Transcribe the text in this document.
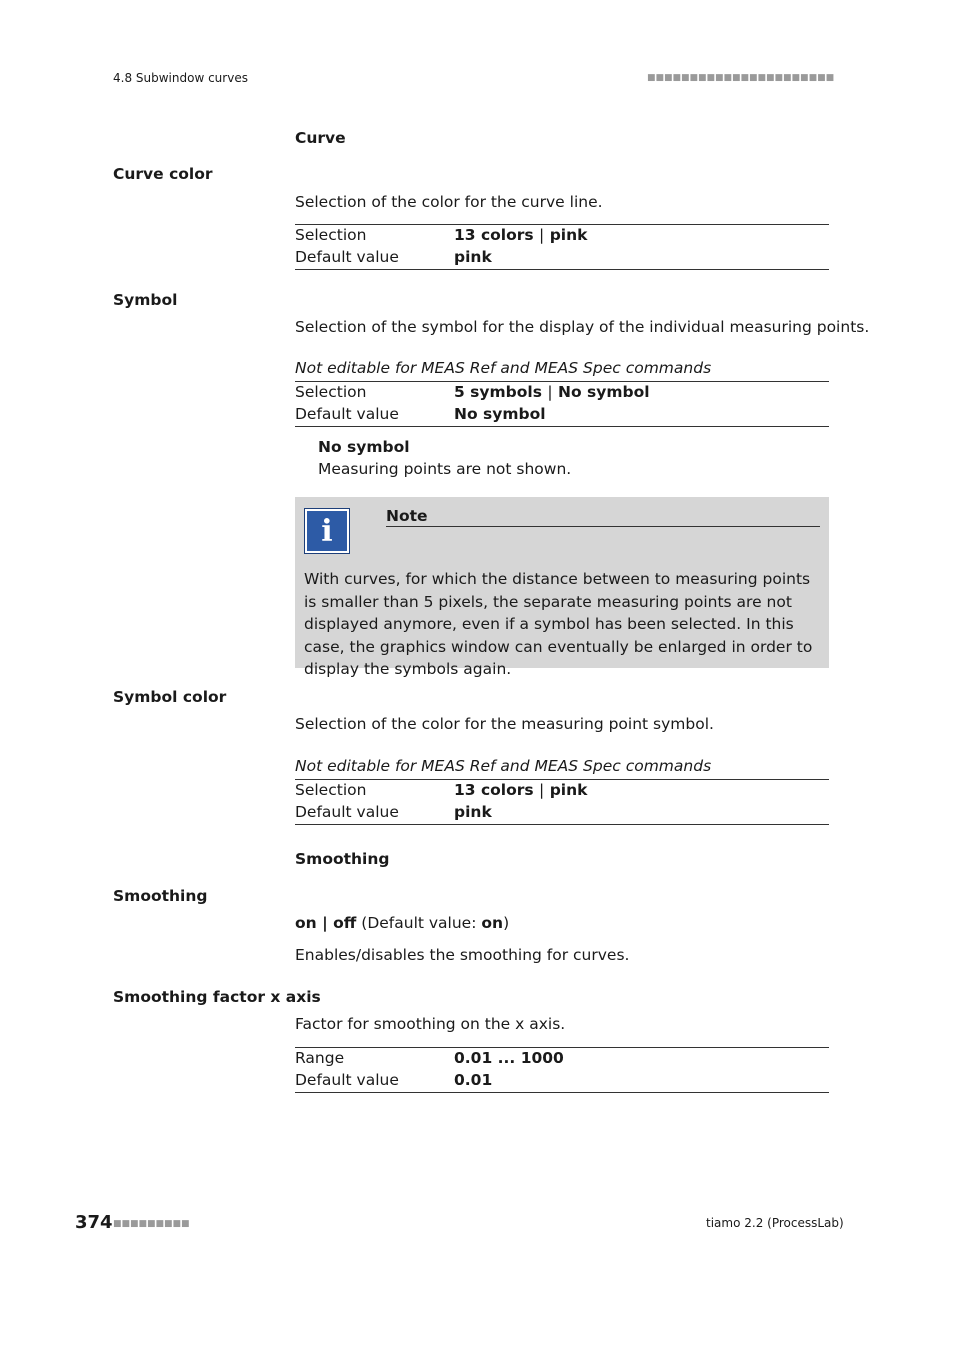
4.8 Subwindow curves	■■■■■■■■■■■■■■■■■■■■■■
Curve
Curve color
Selection of the color for the curve line.
Selection	13 colors | pink
Default value	pink
Symbol
Selection of the symbol for the display of the individual measuring points.
Not editable for MEAS Ref and MEAS Spec commands
Selection	5 symbols | No symbol
Default value	No symbol
No symbol
Measuring points are not shown.
i	Note
With curves, for which the distance between to measuring points is smaller than 5 pixels, the separate measuring points are not displayed anymore, even if a symbol has been selected. In this case, the graphics window can eventually be enlarged in order to display the symbols again.
Symbol color
Selection of the color for the measuring point symbol.
Not editable for MEAS Ref and MEAS Spec commands
Selection	13 colors | pink
Default value	pink
Smoothing
Smoothing
on | off (Default value: on)
Enables/disables the smoothing for curves.
Smoothing factor x axis
Factor for smoothing on the x axis.
Range	0.01 ... 1000
Default value	0.01
374 ■■■■■■■■■	tiamo 2.2 (ProcessLab)
